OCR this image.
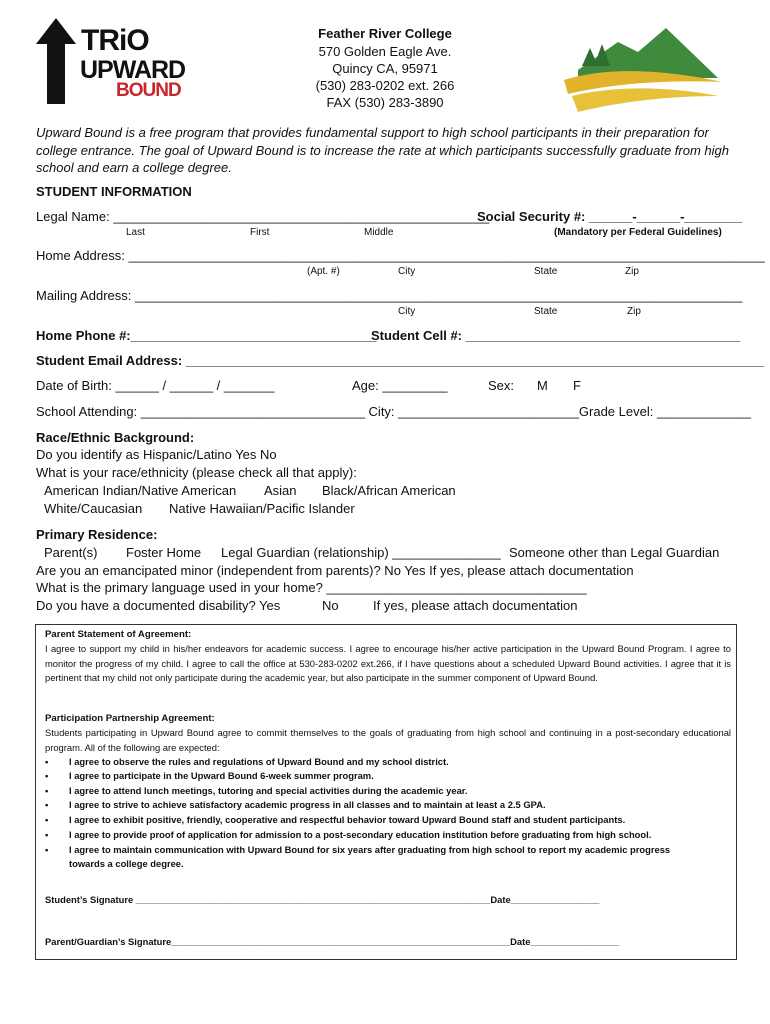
TRiO
UPWARD
BOUND
Feather River College
570 Golden Eagle Ave.
Quincy CA, 95971
(530) 283-0202 ext. 266
FAX (530) 283-3890
Upward Bound is a free program that provides fundamental support to high school participants in their preparation for college entrance. The goal of Upward Bound is to increase the rate at which participants successfully graduate from high school and earn a college degree.
STUDENT INFORMATION
Legal Name: ____________________________________________________
Social Security #: ______-______-________
Last	First	Middle	(Mandatory per Federal Guidelines)
Home Address: ________________________________________________________________________________________
(Apt. #)	City	State	Zip
Mailing Address: ____________________________________________________________________________________
City	State	Zip
Home Phone #:__________________________________
Student Cell #: ______________________________________
Student Email Address: ________________________________________________________________________________
Date of Birth: ______ / ______ / _______	Age: _________	Sex: M F
School Attending: _______________________________ City: _________________________Grade Level: _____________
Race/Ethnic Background:
Do you identify as Hispanic/Latino Yes No
What is your race/ethnicity (please check all that apply):
American Indian/Native American Asian Black/African American
White/Caucasian Native Hawaiian/Pacific Islander
Primary Residence:
Parent(s) Foster Home Legal Guardian (relationship) _______________ Someone other than Legal Guardian
Are you an emancipated minor (independent from parents)? No Yes If yes, please attach documentation
What is the primary language used in your home? ____________________________________
Do you have a documented disability? Yes	No	If yes, please attach documentation
Parent Statement of Agreement:
I agree to support my child in his/her endeavors for academic success. I agree to encourage his/her active participation in the Upward Bound Program. I agree to monitor the progress of my child. I agree to call the office at 530-283-0202 ext.266, if I have questions about a scheduled Upward Bound activities. I agree that it is pertinent that my child not only participate during the academic year, but also participate in the summer component of Upward Bound.
Participation Partnership Agreement:
Students participating in Upward Bound agree to commit themselves to the goals of graduating from high school and continuing in a post-secondary educational program. All of the following are expected:
• I agree to observe the rules and regulations of Upward Bound and my school district.
• I agree to participate in the Upward Bound 6-week summer program.
• I agree to attend lunch meetings, tutoring and special activities during the academic year.
• I agree to strive to achieve satisfactory academic progress in all classes and to maintain at least a 2.5 GPA.
• I agree to exhibit positive, friendly, cooperative and respectful behavior toward Upward Bound staff and student participants.
• I agree to provide proof of application for admission to a post-secondary education institution before graduating from high school.
• I agree to maintain communication with Upward Bound for six years after graduating from high school to report my academic progress
towards a college degree.
Student’s Signature ____________________________________________________________________Date_________________
Parent/Guardian’s Signature_________________________________________________________________Date_________________
